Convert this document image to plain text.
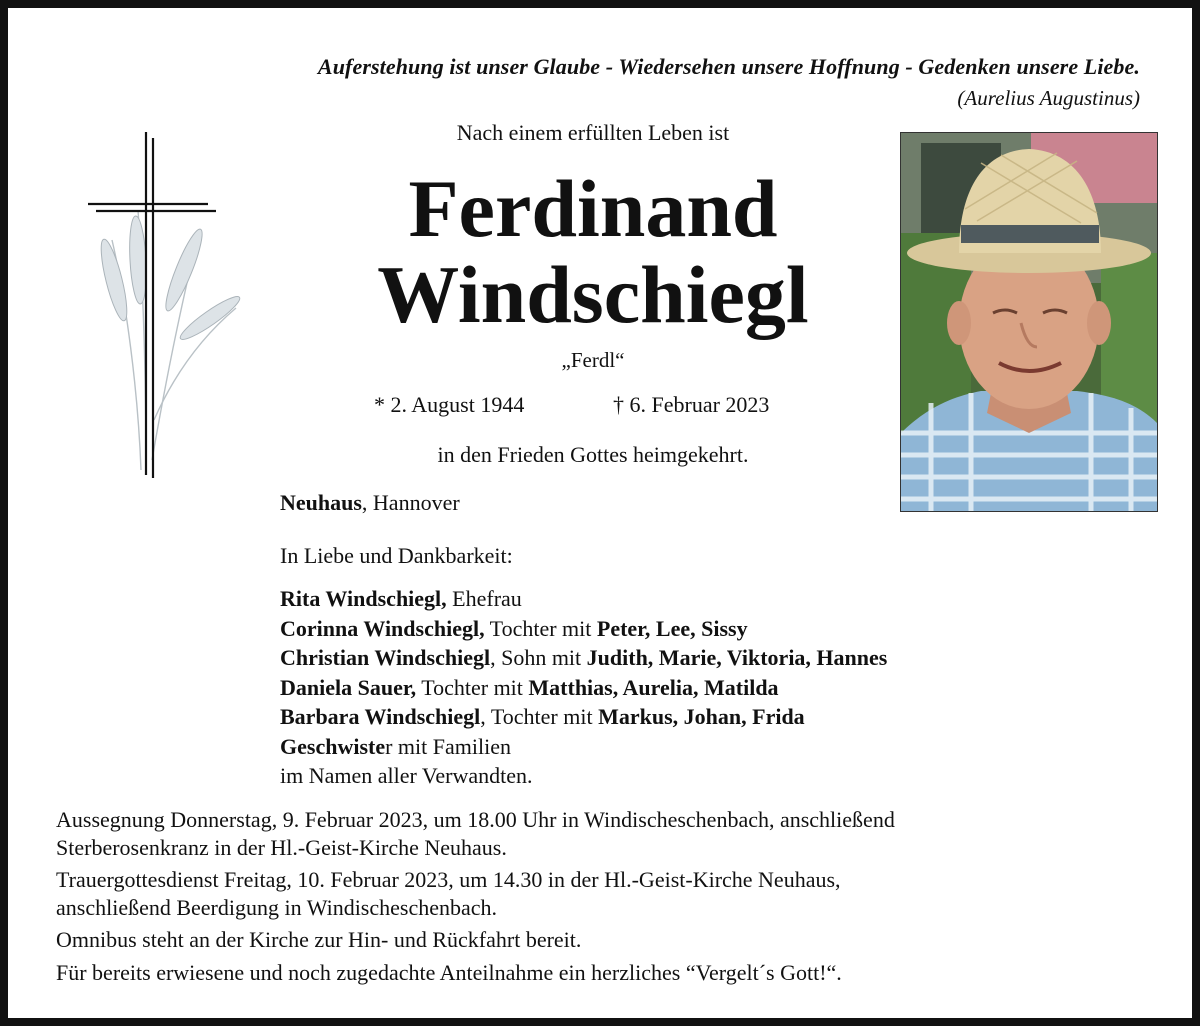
Auferstehung ist unser Glaube - Wiedersehen unsere Hoffnung - Gedenken unsere Liebe.
(Aurelius Augustinus)
Nach einem erfüllten Leben ist
Ferdinand
Windschiegl
„Ferdl“
* 2. August 1944	† 6. Februar 2023
in den Frieden Gottes heimgekehrt.
Neuhaus, Hannover
In Liebe und Dankbarkeit:
Rita Windschiegl, Ehefrau
Corinna Windschiegl, Tochter mit Peter, Lee, Sissy
Christian Windschiegl, Sohn mit Judith, Marie, Viktoria, Hannes
Daniela Sauer, Tochter mit Matthias, Aurelia, Matilda
Barbara Windschiegl, Tochter mit Markus, Johan, Frida
Geschwister mit Familien
im Namen aller Verwandten.
Aussegnung Donnerstag, 9. Februar 2023, um 18.00 Uhr in Windischeschenbach, anschließend
Sterberosenkranz in der Hl.-Geist-Kirche Neuhaus.
Trauergottesdienst Freitag, 10. Februar 2023, um 14.30 in der Hl.-Geist-Kirche Neuhaus,
anschließend Beerdigung in Windischeschenbach.
Omnibus steht an der Kirche zur Hin- und Rückfahrt bereit.
Für bereits erwiesene und noch zugedachte Anteilnahme ein herzliches “Vergelt´s Gott!“.
